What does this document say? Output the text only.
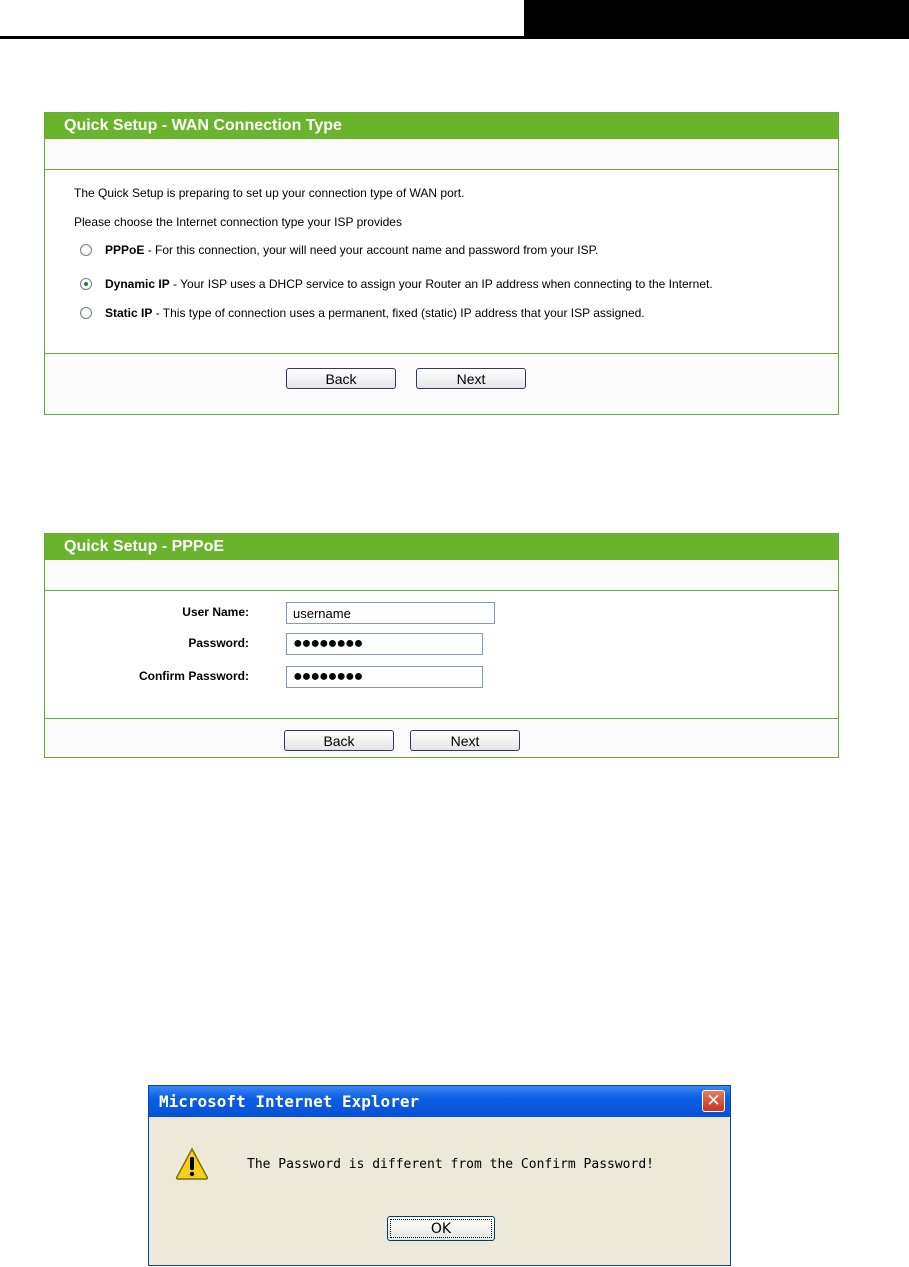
Quick Setup - WAN Connection Type
The Quick Setup is preparing to set up your connection type of WAN port.
Please choose the Internet connection type your ISP provides
PPPoE - For this connection, your will need your account name and password from your ISP.
Dynamic IP - Your ISP uses a DHCP service to assign your Router an IP address when connecting to the Internet.
Static IP - This type of connection uses a permanent, fixed (static) IP address that your ISP assigned.
Back	Next
Quick Setup - PPPoE
User Name:	username
Password:	●●●●●●●●
Confirm Password:	●●●●●●●●
Back	Next
Microsoft Internet Explorer	✕
The Password is different from the Confirm Password!
OK
